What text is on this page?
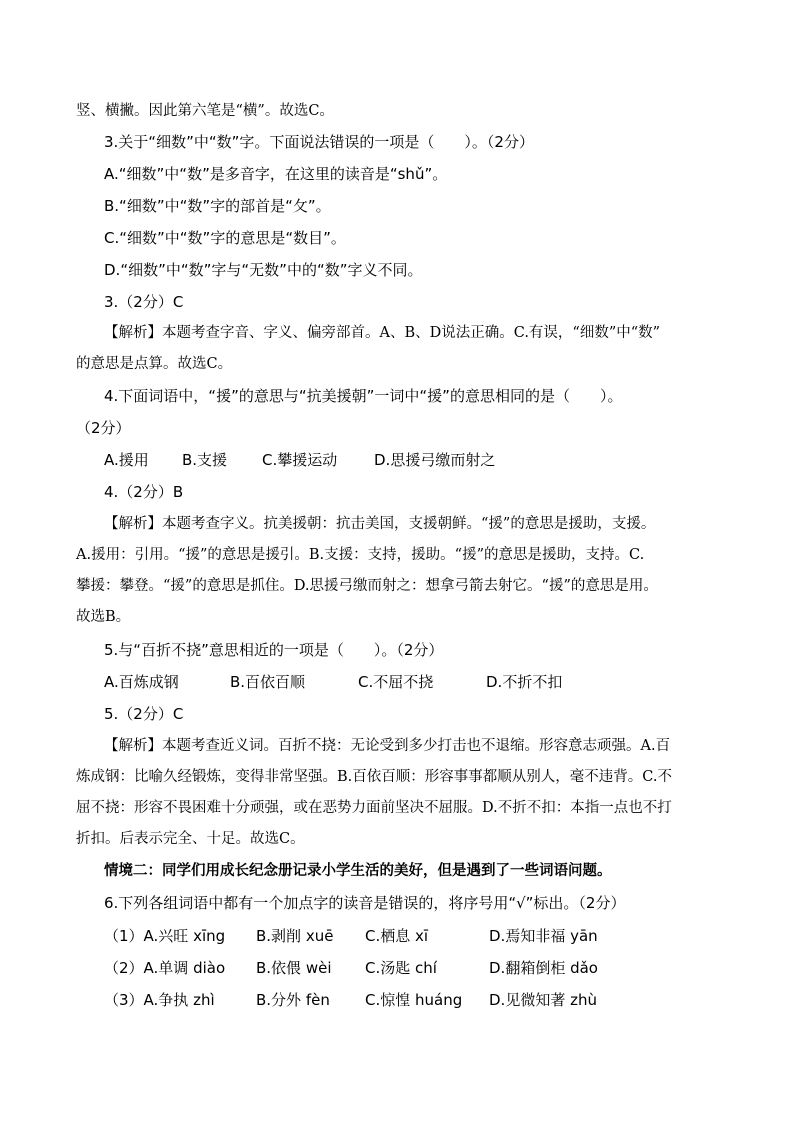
竖、横撇。因此第六笔是“横”。故选C。
3.关于“细数”中“数”字。下面说法错误的一项是（　　）。（2分）
A.“细数”中“数”是多音字，在这里的读音是“shǔ”。
B.“细数”中“数”字的部首是“攵”。
C.“细数”中“数”字的意思是“数目”。
D.“细数”中“数”字与“无数”中的“数”字义不同。
3.（2分）C
【解析】本题考查字音、字义、偏旁部首。A、B、D说法正确。C.有误，“细数”中“数”
的意思是点算。故选C。
4.下面词语中，“援”的意思与“抗美援朝”一词中“援”的意思相同的是（　　）。
（2分）
A.援用 B.支援 C.攀援运动 D.思援弓缴而射之
4.（2分）B
【解析】本题考查字义。抗美援朝：抗击美国，支援朝鲜。“援”的意思是援助，支援。
A.援用：引用。“援”的意思是援引。B.支援：支持，援助。“援”的意思是援助，支持。C.
攀援：攀登。“援”的意思是抓住。D.思援弓缴而射之：想拿弓箭去射它。“援”的意思是用。
故选B。
5.与“百折不挠”意思相近的一项是（　　）。（2分）
A.百炼成钢	B.百依百顺	C.不屈不挠	D.不折不扣
5.（2分）C
【解析】本题考查近义词。百折不挠：无论受到多少打击也不退缩。形容意志顽强。A.百
炼成钢：比喻久经锻炼，变得非常坚强。B.百依百顺：形容事事都顺从别人，毫不违背。C.不
屈不挠：形容不畏困难十分顽强，或在恶势力面前坚决不屈服。D.不折不扣：本指一点也不打
折扣。后表示完全、十足。故选C。
情境二：同学们用成长纪念册记录小学生活的美好，但是遇到了一些词语问题。
6.下列各组词语中都有一个加点字的读音是错误的，将序号用“√”标出。（2分）
（1）A.兴旺 xīng B.剥削 xuē C.栖息 xī	D.焉知非福 yān
（2）A.单调 diào B.依偎 wèi C.汤匙 chí	D.翻箱倒柜 dǎo
（3）A.争执 zhì	B.分外 fèn C.惊惶 huáng D.见微知著 zhù
